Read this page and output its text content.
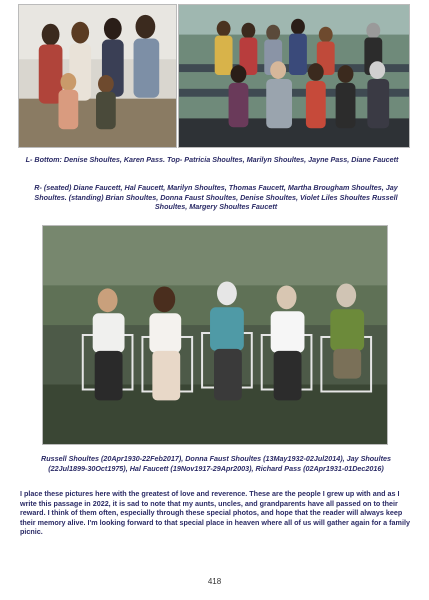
L- Bottom: Denise Shoultes, Karen Pass. Top- Patricia Shoultes, Marilyn Shoultes, Jayne Pass, Diane Faucett
R- (seated) Diane Faucett, Hal Faucett, Marilyn Shoultes, Thomas Faucett, Martha Brougham Shoultes, Jay Shoultes. (standing) Brian Shoultes, Donna Faust Shoultes, Denise Shoultes, Violet Liles Shoultes Russell Shoultes, Margery Shoultes Faucett
Russell Shoultes (20Apr1930-22Feb2017), Donna Faust Shoultes (13May1932-02Jul2014), Jay Shoultes (22Jul1899-30Oct1975), Hal Faucett (19Nov1917-29Apr2003), Richard Pass (02Apr1931-01Dec2016)
I place these pictures here with the greatest of love and reverence. These are the people I grew up with and as I write this passage in 2022, it is sad to note that my aunts, uncles, and grandparents have all passed on to their reward. I think of them often, especially through these special photos, and hope that the reader will always keep their memory alive. I'm looking forward to that special place in heaven where all of us will gather again for a family picnic.
418
